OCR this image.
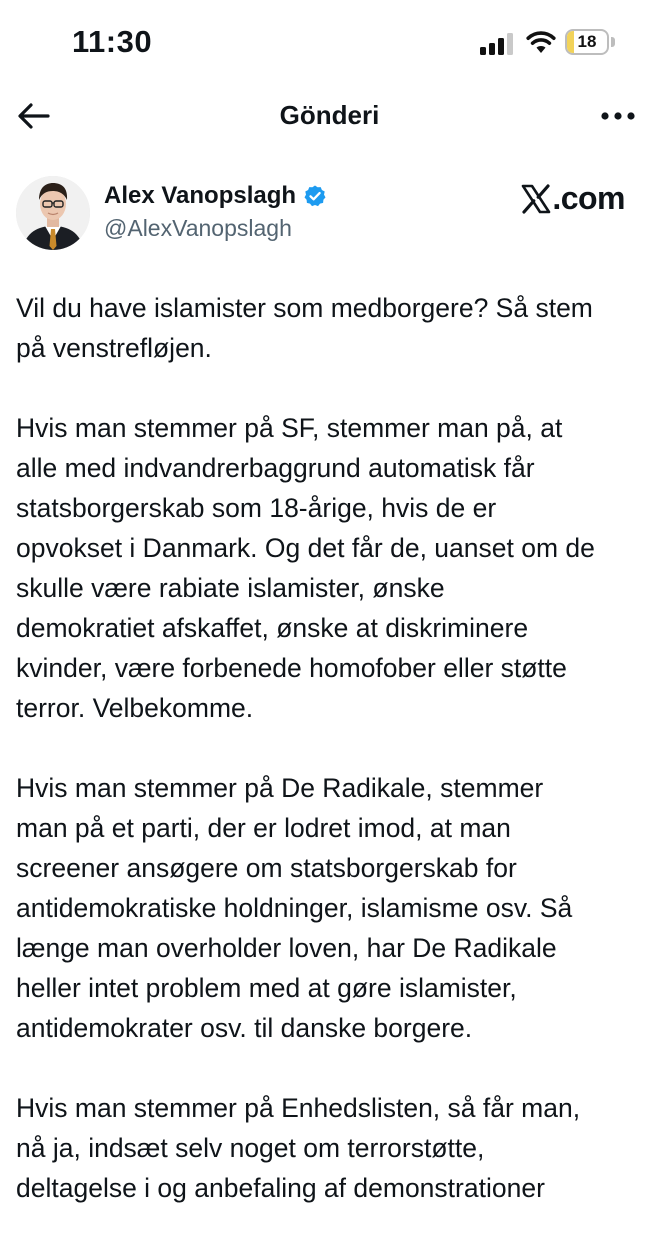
11:30	18
Gönderi
Alex Vanopslagh
@AlexVanopslagh
.com

Vil du have islamister som medborgere? Så stem
på venstrefløjen.

Hvis man stemmer på SF, stemmer man på, at
alle med indvandrerbaggrund automatisk får
statsborgerskab som 18-årige, hvis de er
opvokset i Danmark. Og det får de, uanset om de
skulle være rabiate islamister, ønske
demokratiet afskaffet, ønske at diskriminere
kvinder, være forbenede homofober eller støtte
terror. Velbekomme.

Hvis man stemmer på De Radikale, stemmer
man på et parti, der er lodret imod, at man
screener ansøgere om statsborgerskab for
antidemokratiske holdninger, islamisme osv. Så
længe man overholder loven, har De Radikale
heller intet problem med at gøre islamister,
antidemokrater osv. til danske borgere.

Hvis man stemmer på Enhedslisten, så får man,
nå ja, indsæt selv noget om terrorstøtte,
deltagelse i og anbefaling af demonstrationer
